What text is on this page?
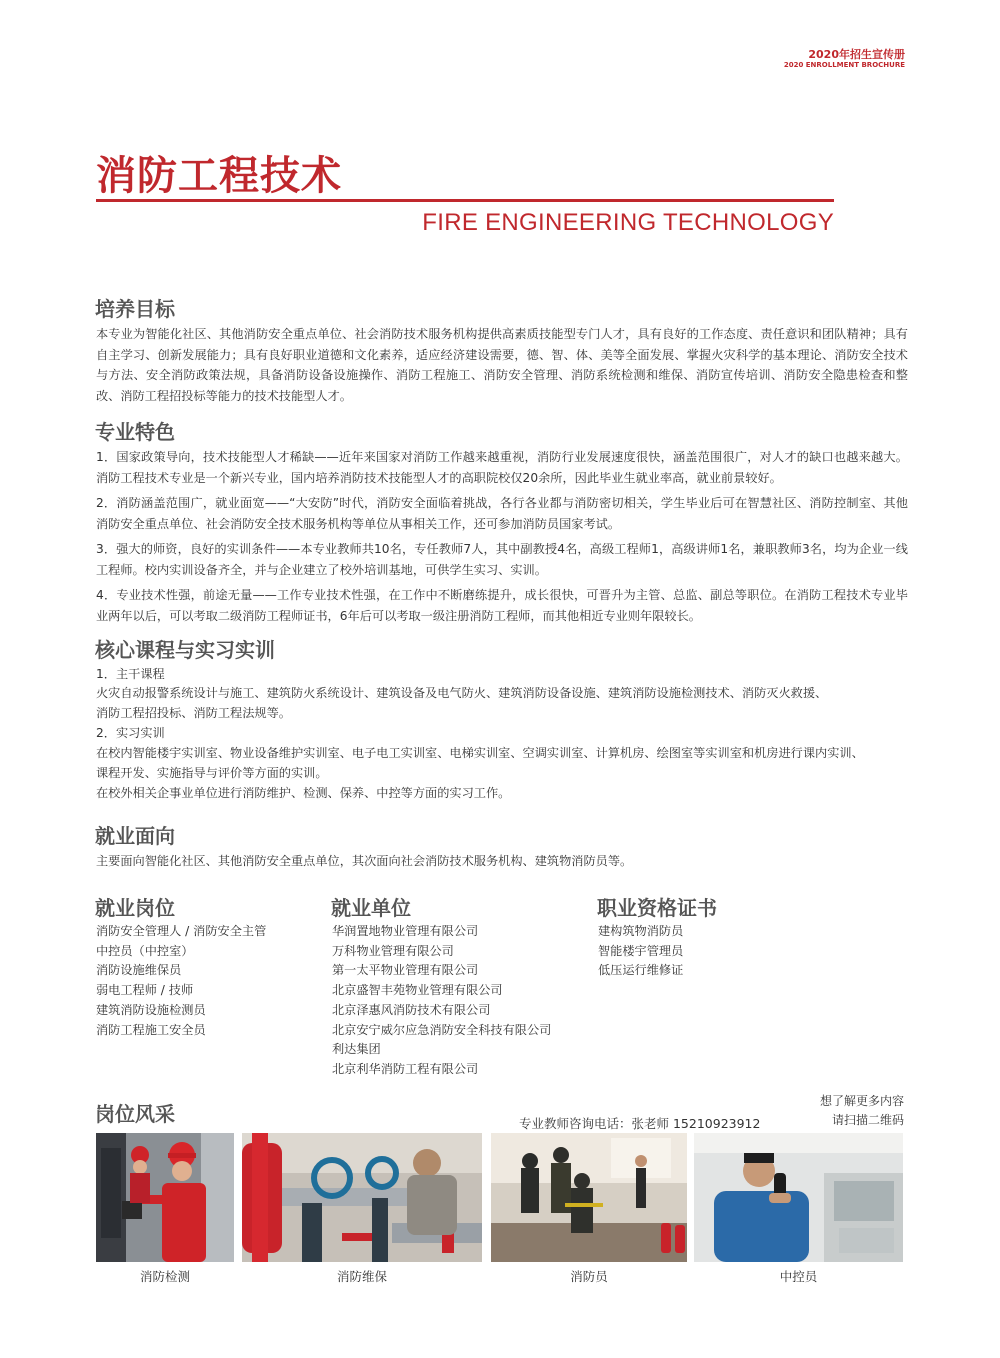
2020年招生宣传册
2020 ENROLLMENT BROCHURE
消防工程技术
FIRE ENGINEERING TECHNOLOGY
培养目标
本专业为智能化社区、其他消防安全重点单位、社会消防技术服务机构提供高素质技能型专门人才，具有良好的工作态度、责任意识和团队精神；具有自主学习、创新发展能力；具有良好职业道德和文化素养，适应经济建设需要，德、智、体、美等全面发展、掌握火灾科学的基本理论、消防安全技术与方法、安全消防政策法规，具备消防设备设施操作、消防工程施工、消防安全管理、消防系统检测和维保、消防宣传培训、消防安全隐患检查和整改、消防工程招投标等能力的技术技能型人才。
专业特色
1．国家政策导向，技术技能型人才稀缺——近年来国家对消防工作越来越重视，消防行业发展速度很快，涵盖范围很广，对人才的缺口也越来越大。消防工程技术专业是一个新兴专业，国内培养消防技术技能型人才的高职院校仅20余所，因此毕业生就业率高，就业前景较好。
2．消防涵盖范围广，就业面宽——“大安防”时代，消防安全面临着挑战，各行各业都与消防密切相关，学生毕业后可在智慧社区、消防控制室、其他消防安全重点单位、社会消防安全技术服务机构等单位从事相关工作，还可参加消防员国家考试。
3．强大的师资，良好的实训条件——本专业教师共10名，专任教师7人，其中副教授4名，高级工程师1，高级讲师1名，兼职教师3名，均为企业一线工程师。校内实训设备齐全，并与企业建立了校外培训基地，可供学生实习、实训。
4．专业技术性强，前途无量——工作专业技术性强，在工作中不断磨练提升，成长很快，可晋升为主管、总监、副总等职位。在消防工程技术专业毕业两年以后，可以考取二级消防工程师证书，6年后可以考取一级注册消防工程师，而其他相近专业则年限较长。
核心课程与实习实训
1．主干课程
火灾自动报警系统设计与施工、建筑防火系统设计、建筑设备及电气防火、建筑消防设备设施、建筑消防设施检测技术、消防灭火救援、
消防工程招投标、消防工程法规等。
2．实习实训
在校内智能楼宇实训室、物业设备维护实训室、电子电工实训室、电梯实训室、空调实训室、计算机房、绘图室等实训室和机房进行课内实训、
课程开发、实施指导与评价等方面的实训。
在校外相关企事业单位进行消防维护、检测、保养、中控等方面的实习工作。
就业面向
主要面向智能化社区、其他消防安全重点单位，其次面向社会消防技术服务机构、建筑物消防员等。
就业岗位
消防安全管理人 / 消防安全主管
中控员（中控室）
消防设施维保员
弱电工程师 / 技师
建筑消防设施检测员
消防工程施工安全员
就业单位
华润置地物业管理有限公司
万科物业管理有限公司
第一太平物业管理有限公司
北京盛智丰苑物业管理有限公司
北京泽惠风消防技术有限公司
北京安宁威尔应急消防安全科技有限公司
利达集团
北京利华消防工程有限公司
职业资格证书
建构筑物消防员
智能楼宇管理员
低压运行维修证
岗位风采	专业教师咨询电话：张老师 15210923912
想了解更多内容
请扫描二维码
消防检测	消防维保	消防员	中控员
